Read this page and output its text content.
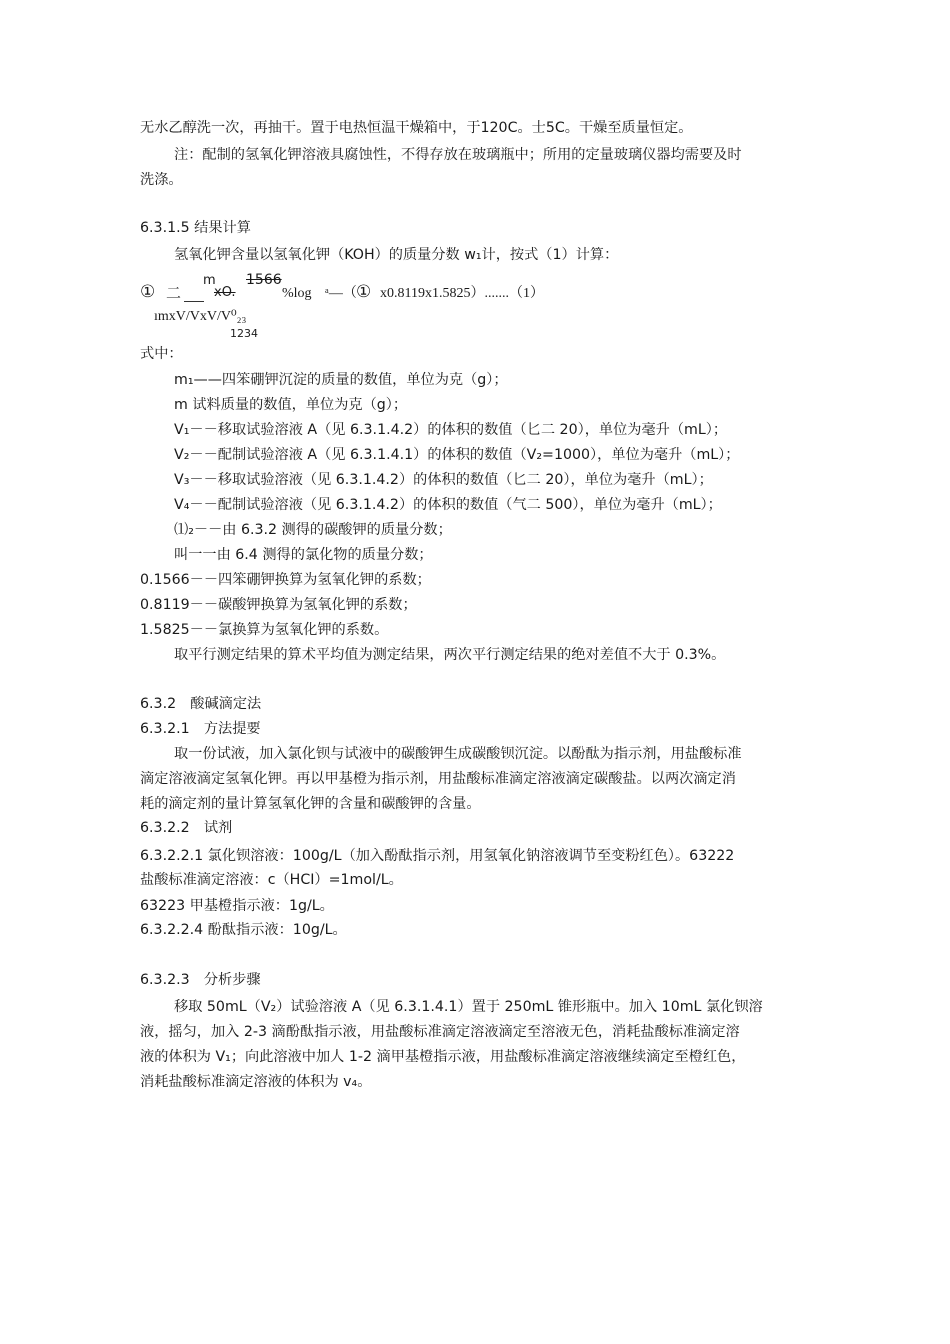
无水乙醇洗一次，再抽干。置于电热恒温干燥箱中，于120C。士5C。干燥至质量恒定。
注：配制的氢氧化钾溶液具腐蚀性，不得存放在玻璃瓶中；所用的定量玻璃仪器均需要及时
洗涤。
6.3.1.5 结果计算
氢氧化钾含量以氢氧化钾（KOH）的质量分数 w₁计，按式（1）计算：
① 二
m
xO.
1566
%log ᵃ—（ ① x0.8119x1.5825）.......（1）
ımxV/VxV/V⁰₂₃
1234
式中：
m₁——四笨硼钾沉淀的质量的数值，单位为克（g）；
m 试料质量的数值，单位为克（g）；
V₁－－移取试验溶液 A（见 6.3.1.4.2）的体积的数值（匕二 20），单位为毫升（mL）；
V₂－－配制试验溶液 A（见 6.3.1.4.1）的体积的数值（V₂=1000），单位为毫升（mL）；
V₃－－移取试验溶液（见 6.3.1.4.2）的体积的数值（匕二 20），单位为毫升（mL）；
V₄－－配制试验溶液（见 6.3.1.4.2）的体积的数值（气二 500），单位为毫升（mL）；
⑴₂－－由 6.3.2 测得的碳酸钾的质量分数；
叫一一由 6.4 测得的氯化物的质量分数；
0.1566－－四笨硼钾换算为氢氧化钾的系数；
0.8119－－碳酸钾换算为氢氧化钾的系数；
1.5825－－氯换算为氢氧化钾的系数。
取平行测定结果的算术平均值为测定结果，两次平行测定结果的绝对差值不大于 0.3%。
6.3.2　酸碱滴定法
6.3.2.1　方法提要
取一份试液，加入氯化钡与试液中的碳酸钾生成碳酸钡沉淀。以酚酞为指示剂，用盐酸标准
滴定溶液滴定氢氧化钾。再以甲基橙为指示剂，用盐酸标准滴定溶液滴定碳酸盐。以两次滴定消
耗的滴定剂的量计算氢氧化钾的含量和碳酸钾的含量。
6.3.2.2　试剂
6.3.2.2.1 氯化钡溶液：100g/L（加入酚酞指示剂，用氢氧化钠溶液调节至变粉红色）。63222
盐酸标准滴定溶液：c（HCI）=1mol/L。
63223 甲基橙指示液：1g/L。
6.3.2.2.4 酚酞指示液：10g/L。
6.3.2.3　分析步骤
移取 50mL（V₂）试验溶液 A（见 6.3.1.4.1）置于 250mL 锥形瓶中。加入 10mL 氯化钡溶
液，摇匀，加入 2-3 滴酚酞指示液，用盐酸标准滴定溶液滴定至溶液无色，消耗盐酸标准滴定溶
液的体积为 V₁；向此溶液中加人 1-2 滴甲基橙指示液，用盐酸标准滴定溶液继续滴定至橙红色，
消耗盐酸标准滴定溶液的体积为 v₄。
